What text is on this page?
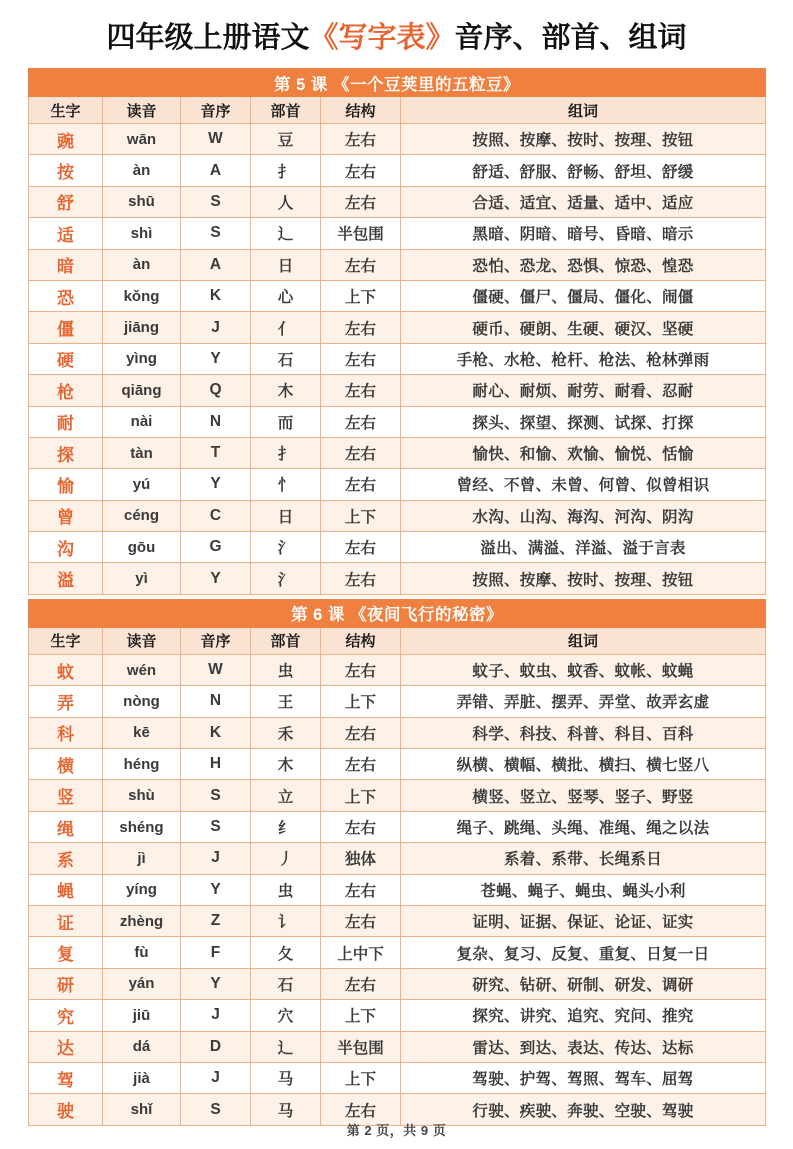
四年级上册语文《写字表》音序、部首、组词
第 5 课 《一个豆荚里的五粒豆》					
生字	读音	音序	部首	结构	组词
豌	wān	W	豆	左右	按照、按摩、按时、按理、按钮
按	àn	A	扌	左右	舒适、舒服、舒畅、舒坦、舒缓
舒	shū	S	人	左右	合适、适宜、适量、适中、适应
适	shì	S	辶	半包围	黑暗、阴暗、暗号、昏暗、暗示
暗	àn	A	日	左右	恐怕、恐龙、恐惧、惊恐、惶恐
恐	kǒng	K	心	上下	僵硬、僵尸、僵局、僵化、闹僵
僵	jiāng	J	亻	左右	硬币、硬朗、生硬、硬汉、坚硬
硬	yìng	Y	石	左右	手枪、水枪、枪杆、枪法、枪林弹雨
枪	qiāng	Q	木	左右	耐心、耐烦、耐劳、耐看、忍耐
耐	nài	N	而	左右	探头、探望、探测、试探、打探
探	tàn	T	扌	左右	愉快、和愉、欢愉、愉悦、恬愉
愉	yú	Y	忄	左右	曾经、不曾、未曾、何曾、似曾相识
曾	céng	C	日	上下	水沟、山沟、海沟、河沟、阴沟
沟	gōu	G	氵	左右	溢出、满溢、洋溢、溢于言表
溢	yì	Y	氵	左右	按照、按摩、按时、按理、按钮
第 6 课 《夜间飞行的秘密》					
生字	读音	音序	部首	结构	组词
蚊	wén	W	虫	左右	蚊子、蚊虫、蚊香、蚊帐、蚊蝇
弄	nòng	N	王	上下	弄错、弄脏、摆弄、弄堂、故弄玄虚
科	kē	K	禾	左右	科学、科技、科普、科目、百科
横	héng	H	木	左右	纵横、横幅、横批、横扫、横七竖八
竖	shù	S	立	上下	横竖、竖立、竖琴、竖子、野竖
绳	shéng	S	纟	左右	绳子、跳绳、头绳、准绳、绳之以法
系	jì	J	丿	独体	系着、系带、长绳系日
蝇	yíng	Y	虫	左右	苍蝇、蝇子、蝇虫、蝇头小利
证	zhèng	Z	讠	左右	证明、证据、保证、论证、证实
复	fù	F	夂	上中下	复杂、复习、反复、重复、日复一日
研	yán	Y	石	左右	研究、钻研、研制、研发、调研
究	jiū	J	穴	上下	探究、讲究、追究、究问、推究
达	dá	D	辶	半包围	雷达、到达、表达、传达、达标
驾	jià	J	马	上下	驾驶、护驾、驾照、驾车、屈驾
驶	shǐ	S	马	左右	行驶、疾驶、奔驶、空驶、驾驶
第 2 页，共 9 页
